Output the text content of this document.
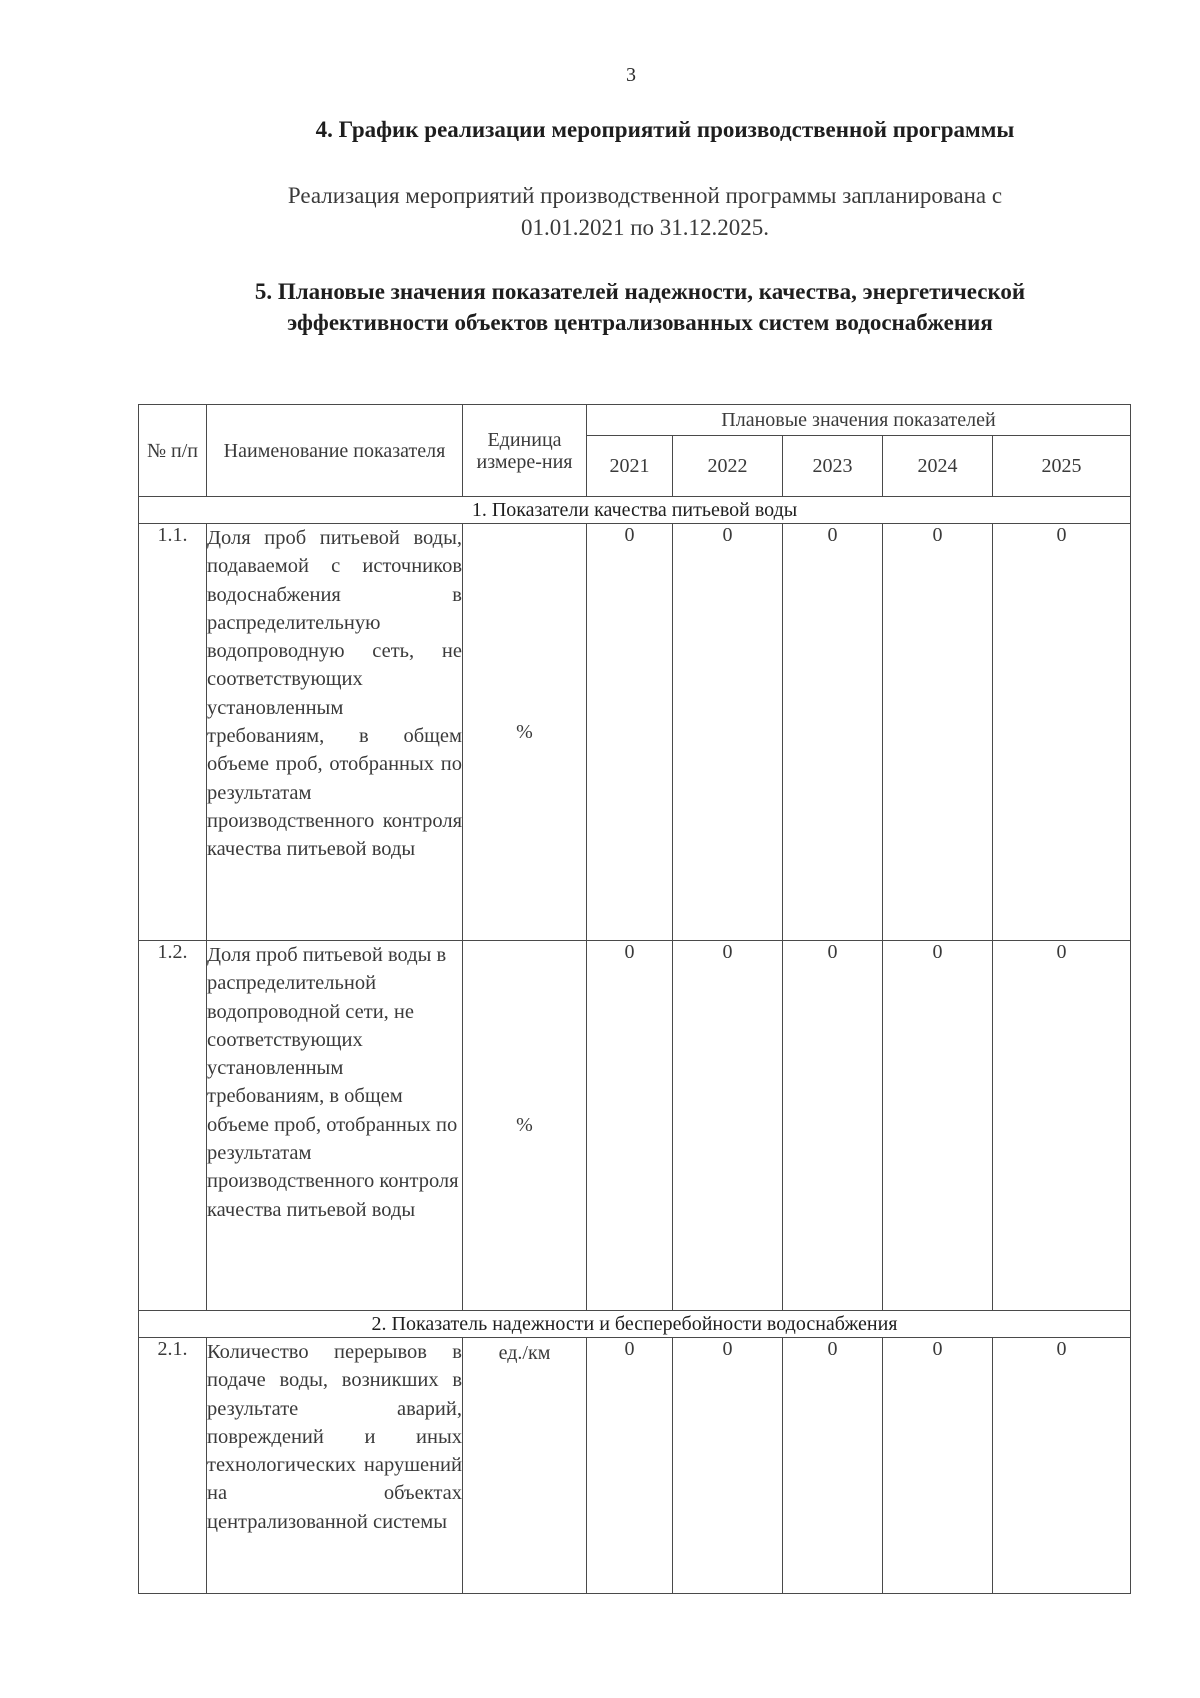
3
4. График реализации мероприятий производственной программы
Реализация мероприятий производственной программы запланирована с 01.01.2021 по 31.12.2025.
5. Плановые значения показателей надежности, качества, энергетической эффективности объектов централизованных систем водоснабжения
№ п/п	Наименование показателя	Единица измере-ния	Плановые значения показателей				
			2021	2022	2023	2024	2025
1. Показатели качества питьевой воды							
1.1.	Доля проб питьевой воды, подаваемой с источников водоснабжения в распределительную водопроводную сеть, не соответствующих установленным требованиям, в общем объеме проб, отобранных по результатам производственного контроля качества питьевой воды	%	0	0	0	0	0
1.2.	Доля проб питьевой воды в распределительной водопроводной сети, не соответствующих установленным требованиям, в общем объеме проб, отобранных по результатам производственного контроля качества питьевой воды	%	0	0	0	0	0
2. Показатель надежности и бесперебойности водоснабжения							
2.1.	Количество перерывов в подаче воды, возникших в результате аварий, повреждений и иных технологических нарушений на объектах централизованной системы	ед./км	0	0	0	0	0
